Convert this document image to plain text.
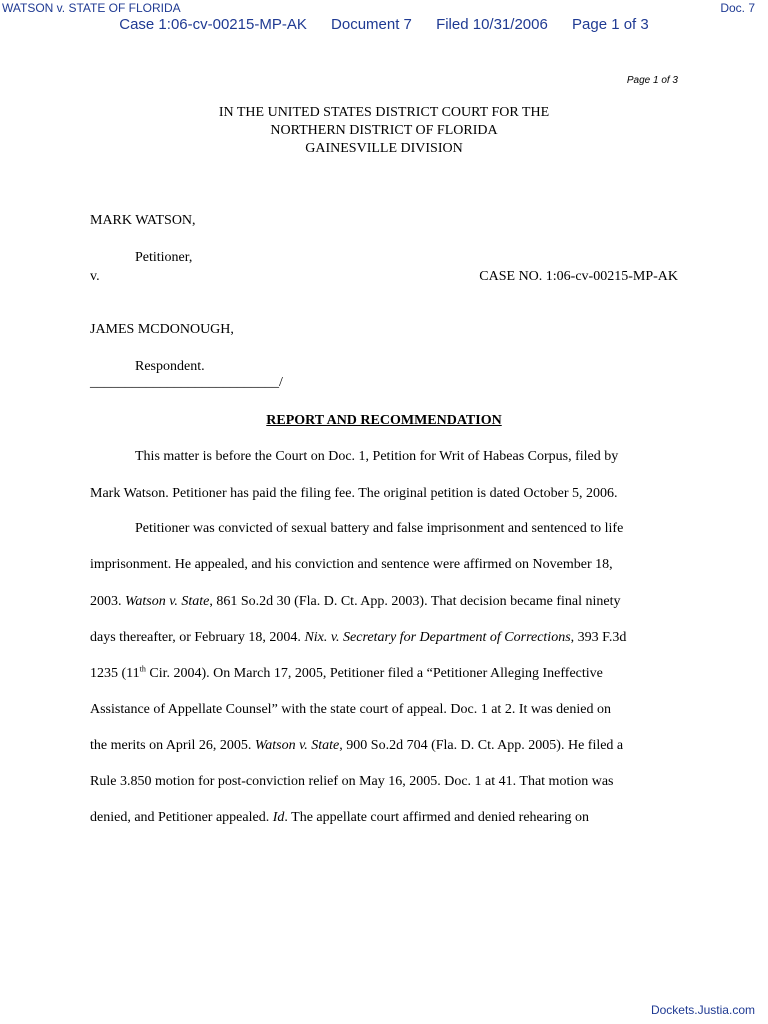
WATSON v. STATE OF FLORIDA	Doc. 7
Case 1:06-cv-00215-MP-AK Document 7 Filed 10/31/2006 Page 1 of 3
Page 1 of 3
IN THE UNITED STATES DISTRICT COURT FOR THE
NORTHERN DISTRICT OF FLORIDA
GAINESVILLE DIVISION
MARK WATSON,
Petitioner,
v.	CASE NO. 1:06-cv-00215-MP-AK
JAMES MCDONOUGH,
Respondent.
___________________________/
REPORT AND RECOMMENDATION
This matter is before the Court on Doc. 1, Petition for Writ of Habeas Corpus, filed by
Mark Watson. Petitioner has paid the filing fee. The original petition is dated October 5, 2006.
Petitioner was convicted of sexual battery and false imprisonment and sentenced to life
imprisonment. He appealed, and his conviction and sentence were affirmed on November 18,
2003. Watson v. State, 861 So.2d 30 (Fla. D. Ct. App. 2003). That decision became final ninety
days thereafter, or February 18, 2004. Nix. v. Secretary for Department of Corrections, 393 F.3d
1235 (11th Cir. 2004). On March 17, 2005, Petitioner filed a “Petitioner Alleging Ineffective
Assistance of Appellate Counsel” with the state court of appeal. Doc. 1 at 2. It was denied on
the merits on April 26, 2005. Watson v. State, 900 So.2d 704 (Fla. D. Ct. App. 2005). He filed a
Rule 3.850 motion for post-conviction relief on May 16, 2005. Doc. 1 at 41. That motion was
denied, and Petitioner appealed. Id. The appellate court affirmed and denied rehearing on
Dockets.Justia.com
